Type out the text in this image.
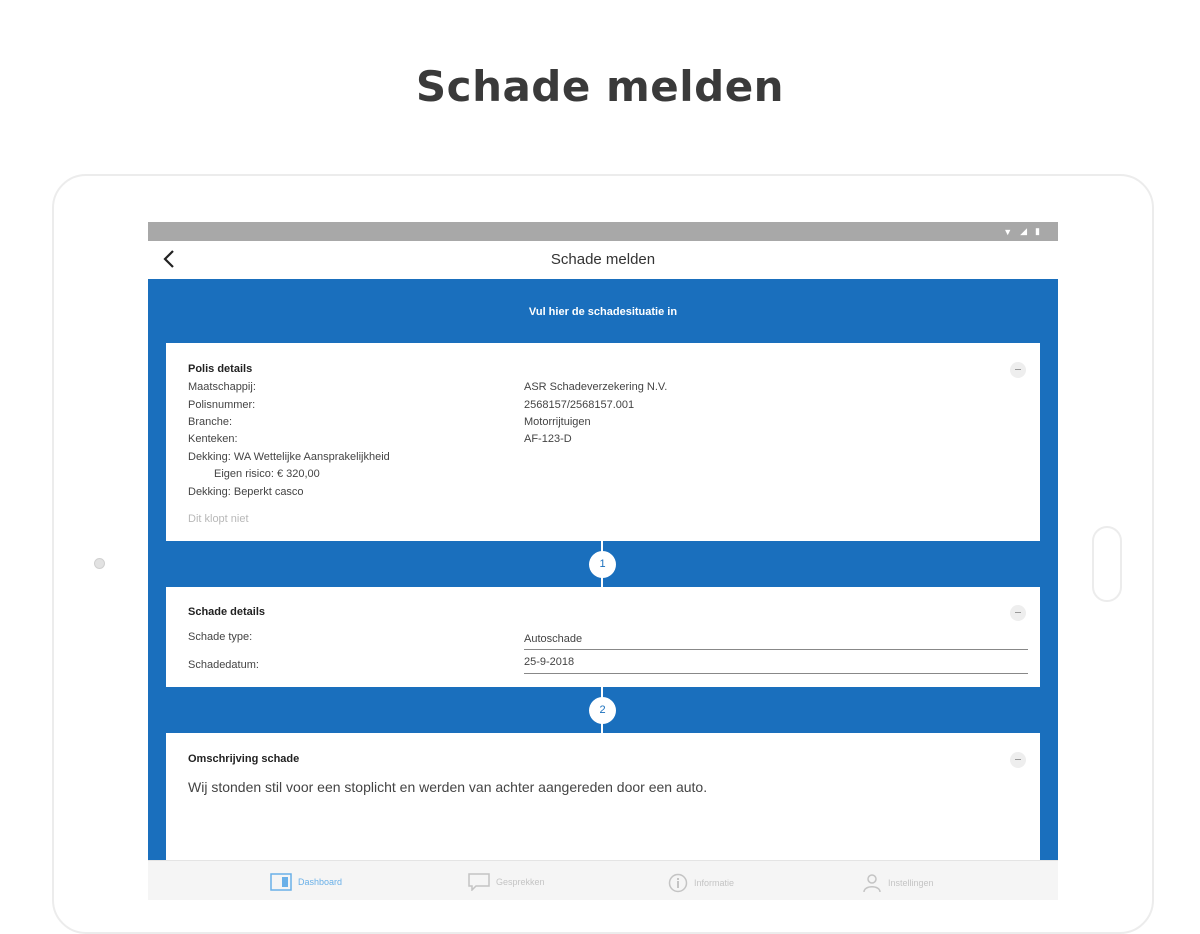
Schade melden
▼ ◢ ▮
Schade melden
Vul hier de schadesituatie in
Polis details
Maatschappij:	ASR Schadeverzekering N.V.
Polisnummer:	2568157/2568157.001
Branche:	Motorrijtuigen
Kenteken:	AF-123-D
Dekking: WA Wettelijke Aansprakelijkheid
Eigen risico: € 320,00
Dekking: Beperkt casco
Dit klopt niet
1
Schade details
Schade type:	Autoschade
Schadedatum:	25-9-2018
2
Omschrijving schade
Wij stonden stil voor een stoplicht en werden van achter aangereden door een auto.
Dashboard	Gesprekken	Informatie	Instellingen
